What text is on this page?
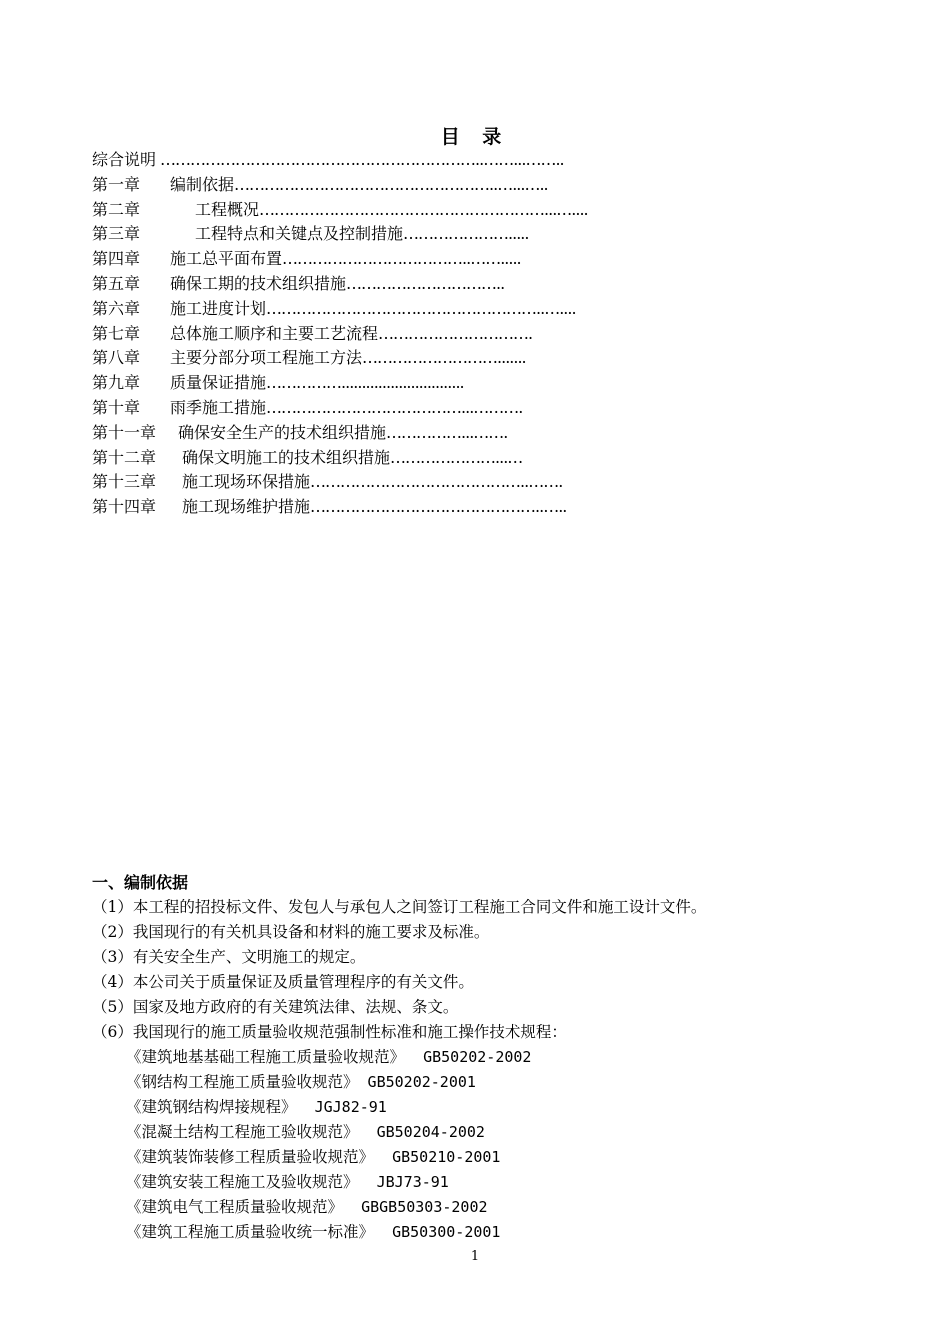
目 录
综合说明 ………………………………………………………..……...……..
第一章 编制依据 ……………………………………………..…...…..
第二章	工程概况 …………………………………………………...…....
第三章	工程特点和关键点及控制措施 ………………….....
第四章 施工总平面布置 ………………………………..…….....
第五章 确保工期的技术组织措施 …………………………..
第六章 施工进度计划 ………………………………………………..…....
第七章 总体施工顺序和主要工艺流程 ………………………….
第八章 主要分部分项工程施工方法 ……………………….......
第九章 质量保证措施 ……………..............................
第十章 雨季施工措施 …………………………………...……….
第十一章 确保安全生产的技术组织措施 ……………...…….
第十二章 确保文明施工的技术组织措施 …………………...…
第十三章 施工现场环保措施 ……………………………………..…….
第十四章 施工现场维护措施 ………………………………………..…..
一、编制依据
（1）本工程的招投标文件、发包人与承包人之间签订工程施工合同文件和施工设计文件。
（2）我国现行的有关机具设备和材料的施工要求及标准。
（3）有关安全生产、文明施工的规定。
（4）本公司关于质量保证及质量管理程序的有关文件。
（5）国家及地方政府的有关建筑法律、法规、条文。
（6）我国现行的施工质量验收规范强制性标准和施工操作技术规程：
《建筑地基基础工程施工质量验收规范》  GB50202-2002
《钢结构工程施工质量验收规范》 GB50202-2001
《建筑钢结构焊接规程》  JGJ82-91
《混凝土结构工程施工验收规范》  GB50204-2002
《建筑装饰装修工程质量验收规范》  GB50210-2001
《建筑安装工程施工及验收规范》  JBJ73-91
《建筑电气工程质量验收规范》  GBGB50303-2002
《建筑工程施工质量验收统一标准》  GB50300-2001
1
